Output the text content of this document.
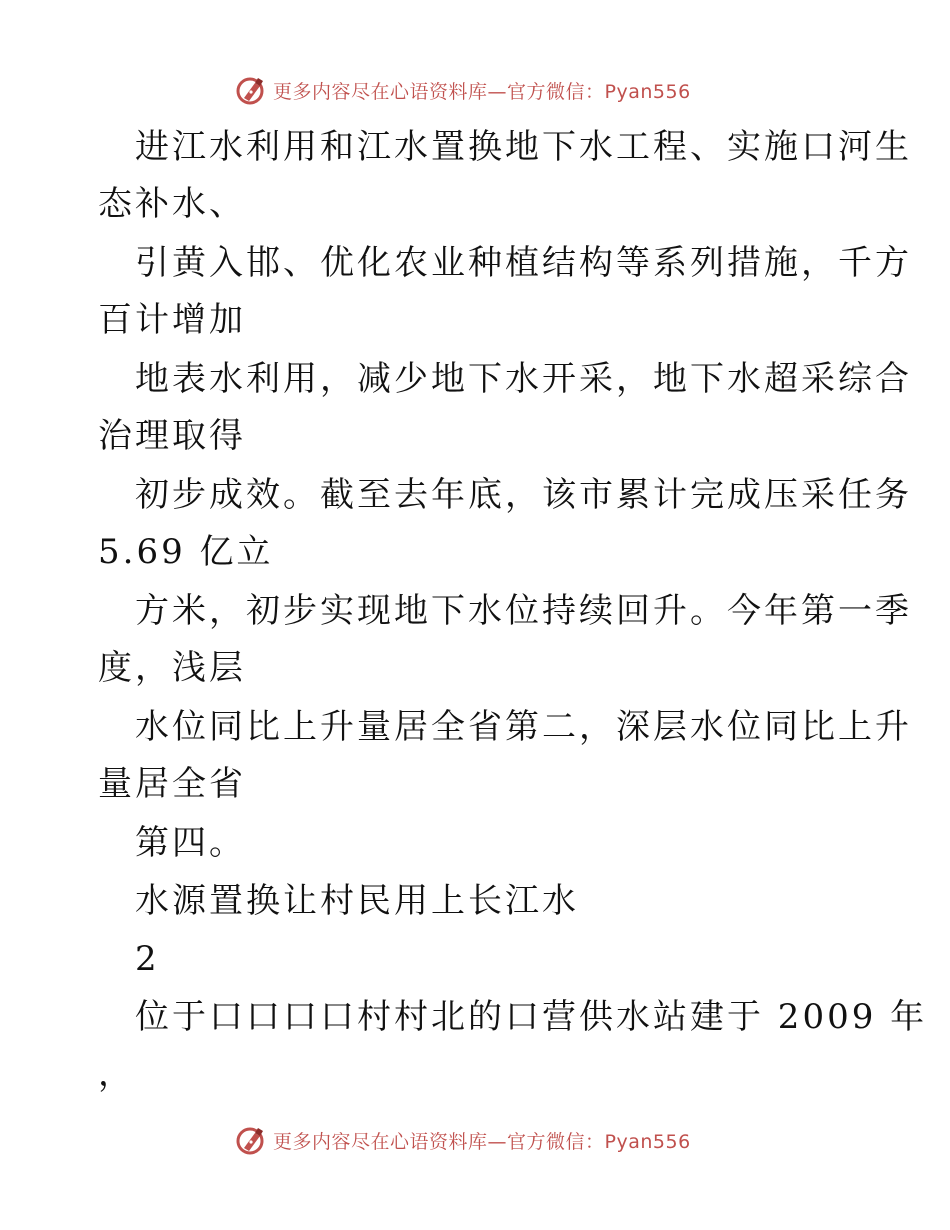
更多内容尽在心语资料库—官方微信：Pyan556
进江水利用和江水置换地下水工程、实施口河生
态补水、
引黄入邯、优化农业种植结构等系列措施，千方
百计增加
地表水利用，减少地下水开采，地下水超采综合
治理取得
初步成效。截至去年底，该市累计完成压采任务
5.69 亿立
方米，初步实现地下水位持续回升。今年第一季
度，浅层
水位同比上升量居全省第二，深层水位同比上升
量居全省
第四。
水源置换让村民用上长江水
2
位于口口口口村村北的口营供水站建于 2009 年
，
更多内容尽在心语资料库—官方微信：Pyan556
